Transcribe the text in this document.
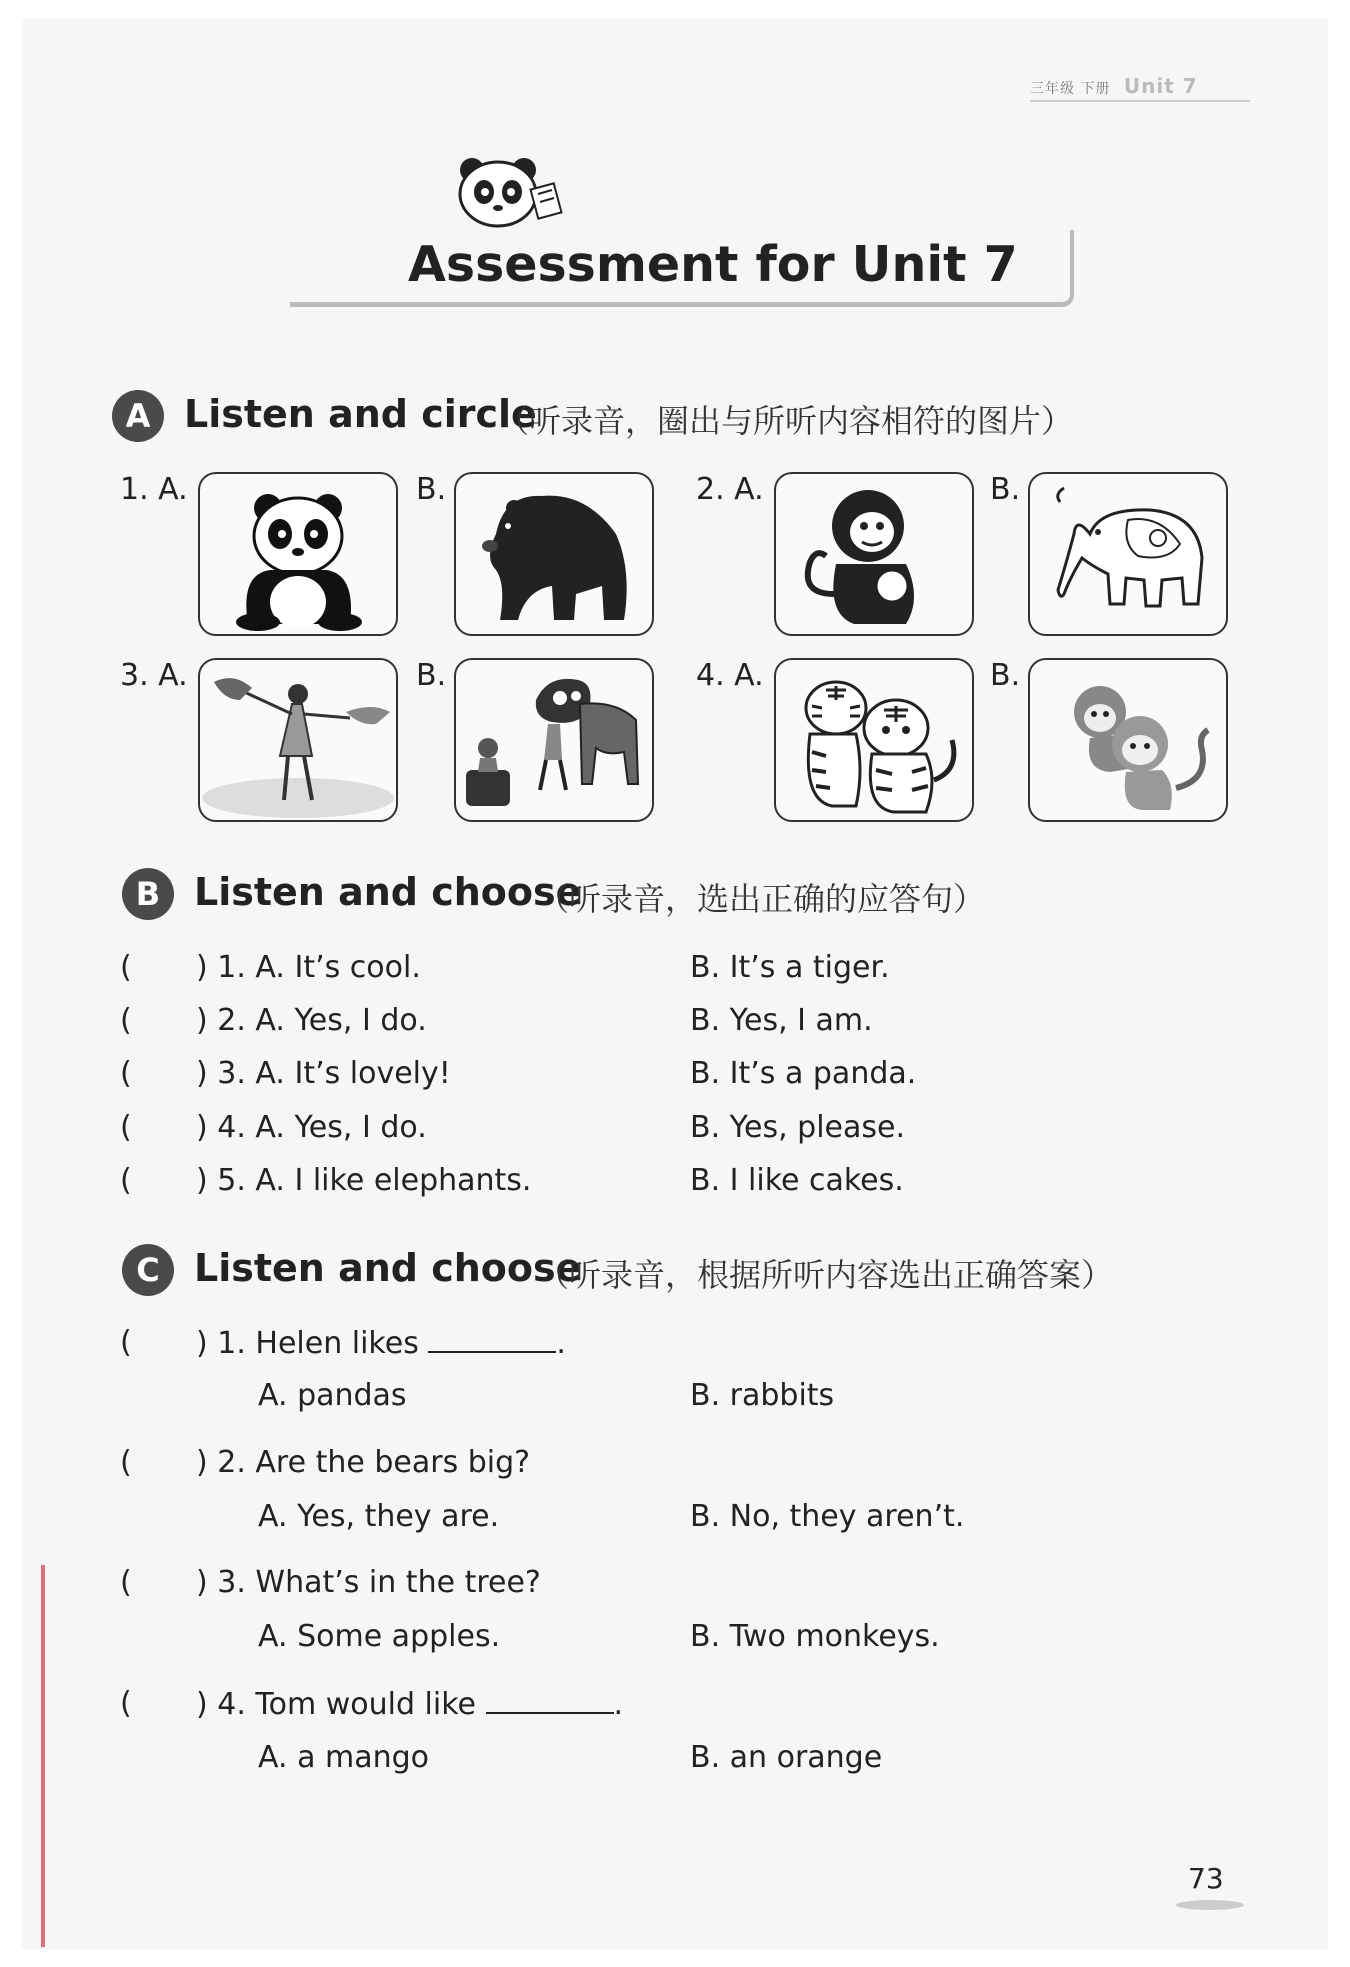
三年级 下册 Unit 7
Assessment for Unit 7
A Listen and circle
（听录音，圈出与所听内容相符的图片）
1. A.	B.	2. A.	B.
3. A.	B.	4. A.	B.
B Listen and choose
（听录音，选出正确的应答句）
( ) 1. A. It’s cool.	B. It’s a tiger.
( ) 2. A. Yes, I do.	B. Yes, I am.
( ) 3. A. It’s lovely!	B. It’s a panda.
( ) 4. A. Yes, I do.	B. Yes, please.
( ) 5. A. I like elephants.	B. I like cakes.
C Listen and choose
（听录音，根据所听内容选出正确答案）
( ) 1. Helen likes	.
A. pandas	B. rabbits
( ) 2. Are the bears big?
A. Yes, they are.	B. No, they aren’t.
( ) 3. What’s in the tree?
A. Some apples.	B. Two monkeys.
( ) 4. Tom would like	.
A. a mango	B. an orange
73
